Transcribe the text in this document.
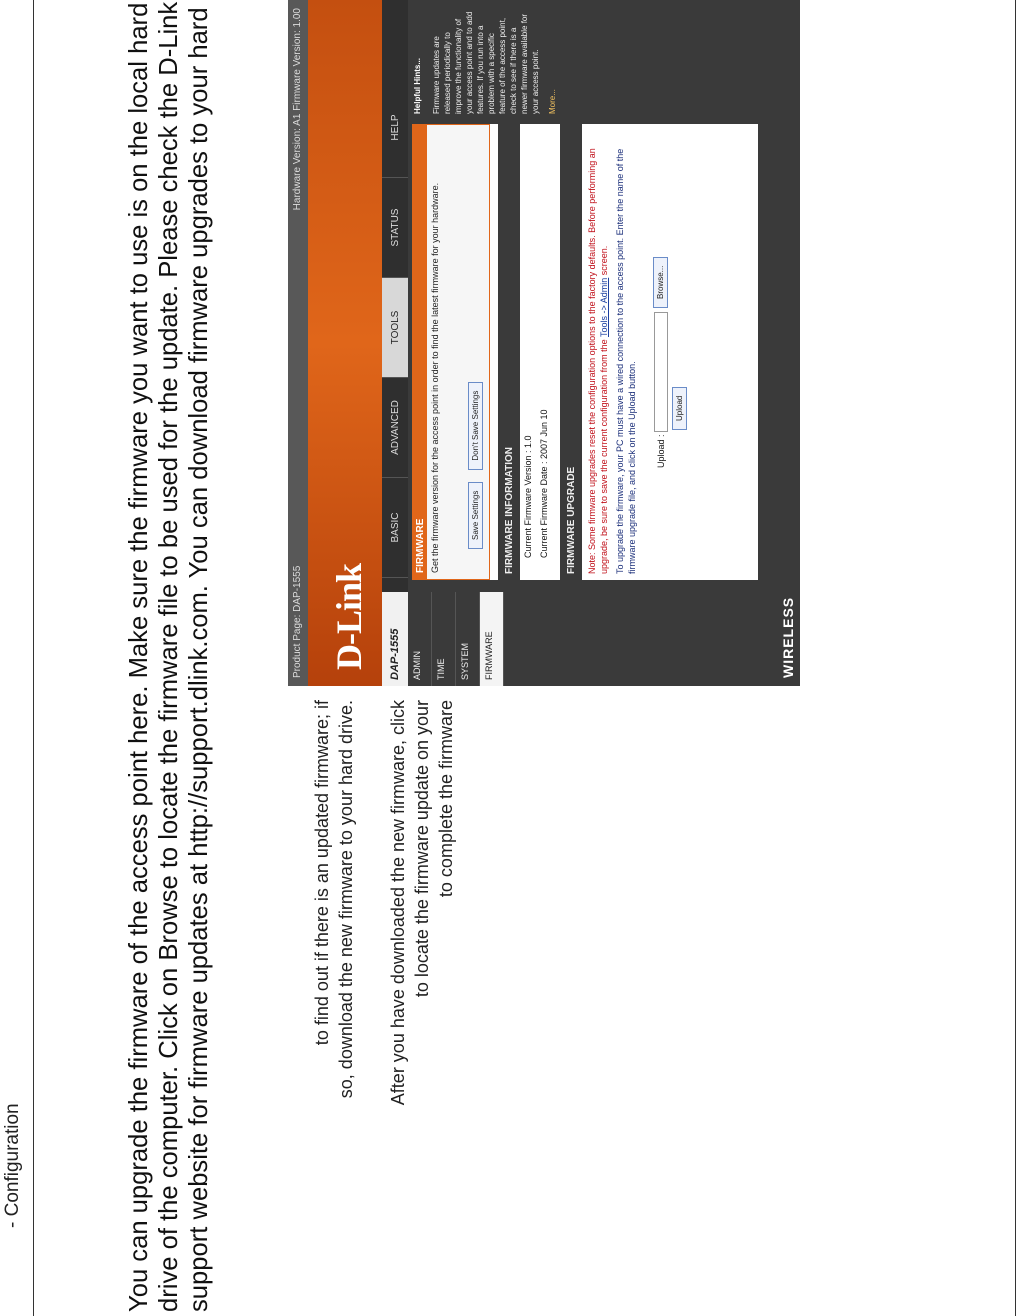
- Configuration	You can upgrade the firmware of the access point here. Make sure the firmware you want to use is on the local hard drive of the computer. Click on Browse to locate the firmware file to be used for the update. Please check the D-Link support website for firmware updates at http://support.dlink.com. You can download firmware upgrades to your hard	to find out if there is an updated firmware; if so, download the new firmware to your hard drive. After you have downloaded the new firmware, click to locate the firmware update on your to complete the firmware
Product Page: DAP-1555
Hardware Version: A1 Firmware Version: 1.00
D-Link	DAP-1555
BASIC
ADVANCED
TOOLS
STATUS
HELP
ADMIN	TIME	SYSTEM	FIRMWARE
FIRMWARE Get the firmware version for the access point in order to find the latest firmware for your hardware.	Save Settings
Don't Save Settings
FIRMWARE INFORMATION Current Firmware Version : 1.0 Current Firmware Date : 2007 Jun 10	FIRMWARE UPGRADE	Note: Some firmware upgrades reset the configuration options to the factory defaults. Before performing an upgrade, be sure to save the current configuration from the Tools -> Admin screen. To upgrade the firmware, your PC must have a wired connection to the access point. Enter the name of the firmware upgrade file, and click on the Upload button.	Upload :
Browse...
Upload
Helpful Hints... Firmware updates are released periodically to improve the functionality of your access point and to add features. If you run into a problem with a specific feature of the access point, check to see if there is a newer firmware available for your access point. More...
WIRELESS
